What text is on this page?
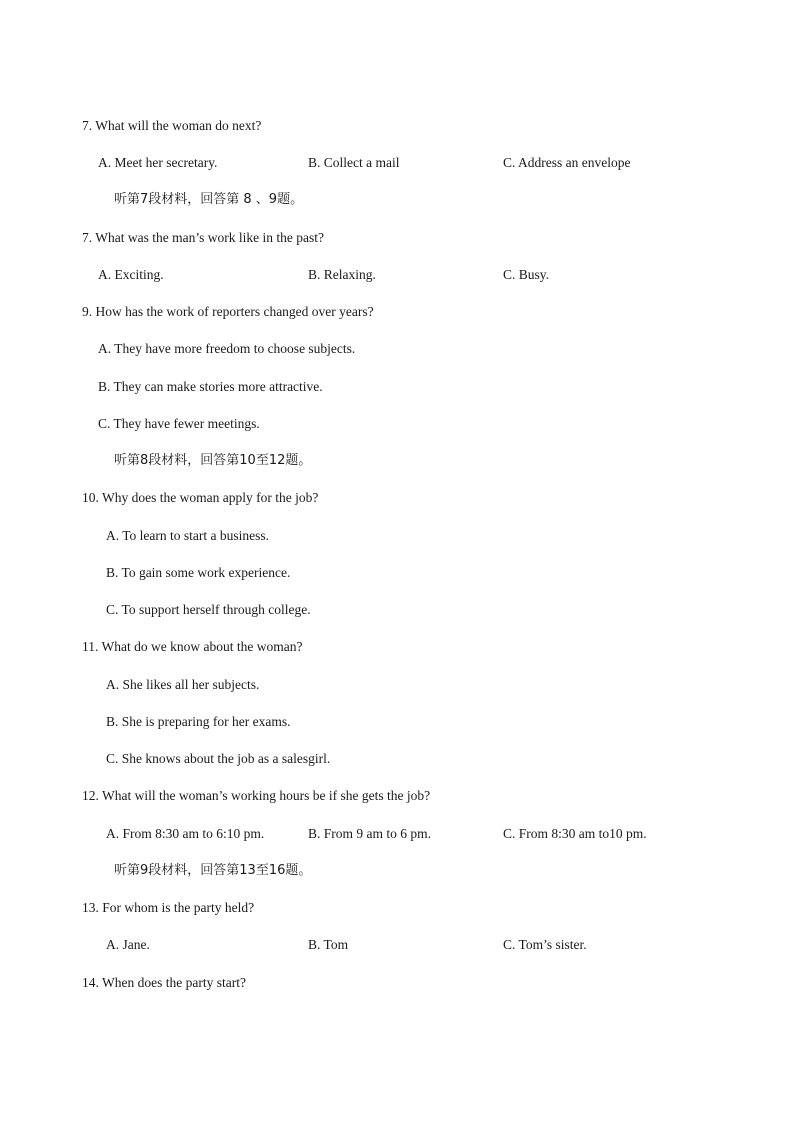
7. What will the woman do next?
A. Meet her secretary.	B. Collect a mail	C. Address an envelope
听第7段材料，回答第 8 、9题。
7. What was the man’s work like in the past?
A. Exciting.	B. Relaxing.	C. Busy.
9. How has the work of reporters changed over years?
A. They have more freedom to choose subjects.
B. They can make stories more attractive.
C. They have fewer meetings.
听第8段材料，回答第10至12题。
10. Why does the woman apply for the job?
A. To learn to start a business.
B. To gain some work experience.
C. To support herself through college.
11. What do we know about the woman?
A. She likes all her subjects.
B. She is preparing for her exams.
C. She knows about the job as a salesgirl.
12. What will the woman’s working hours be if she gets the job?
A. From 8:30 am to 6:10 pm.	B. From 9 am to 6 pm.	C. From 8:30 am to10 pm.
听第9段材料，回答第13至16题。
13. For whom is the party held?
A. Jane.	B. Tom	C. Tom’s sister.
14. When does the party start?
